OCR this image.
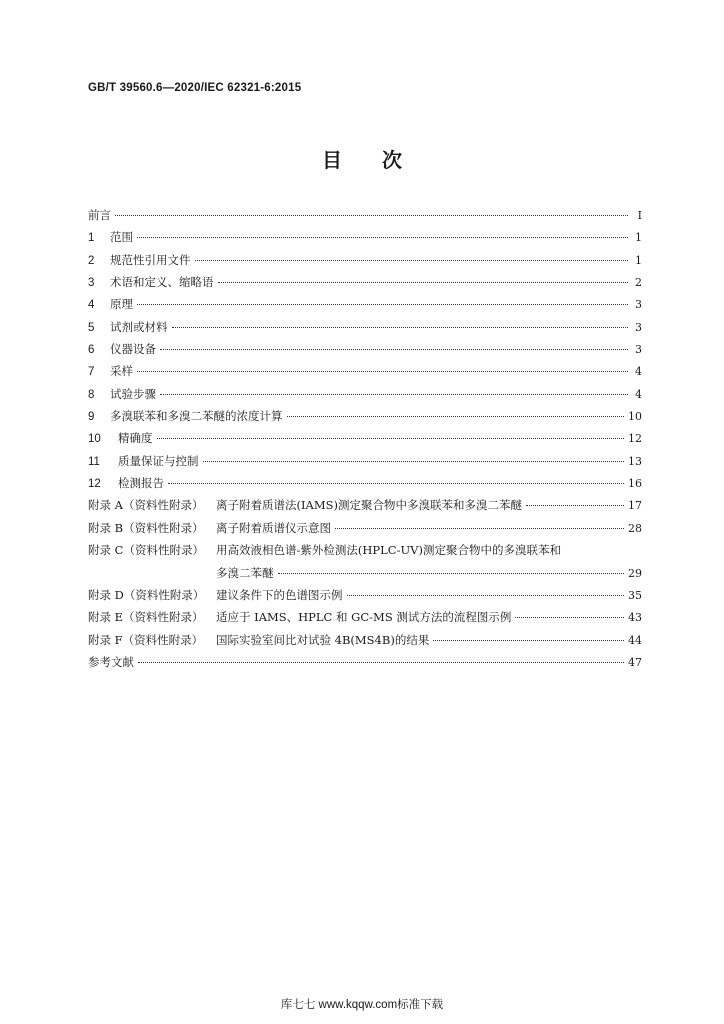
GB/T 39560.6—2020/IEC 62321-6:2015
目次
前言	Ⅰ
1	范围	1
2	规范性引用文件	1
3	术语和定义、缩略语	2
4	原理	3
5	试剂或材料	3
6	仪器设备	3
7	采样	4
8	试验步骤	4
9	多溴联苯和多溴二苯醚的浓度计算	10
10	精确度	12
11	质量保证与控制	13
12	检测报告	16
附录 A（资料性附录）	离子附着质谱法(IAMS)测定聚合物中多溴联苯和多溴二苯醚	17
附录 B（资料性附录）	离子附着质谱仪示意图	28
附录 C（资料性附录）	用高效液相色谱-紫外检测法(HPLC-UV)测定聚合物中的多溴联苯和
多溴二苯醚	29
附录 D（资料性附录）	建议条件下的色谱图示例	35
附录 E（资料性附录）	适应于 IAMS、HPLC 和 GC-MS 测试方法的流程图示例	43
附录 F（资料性附录）	国际实验室间比对试验 4B(MS4B)的结果	44
参考文献	47
库七七 www.kqqw.com标准下载
